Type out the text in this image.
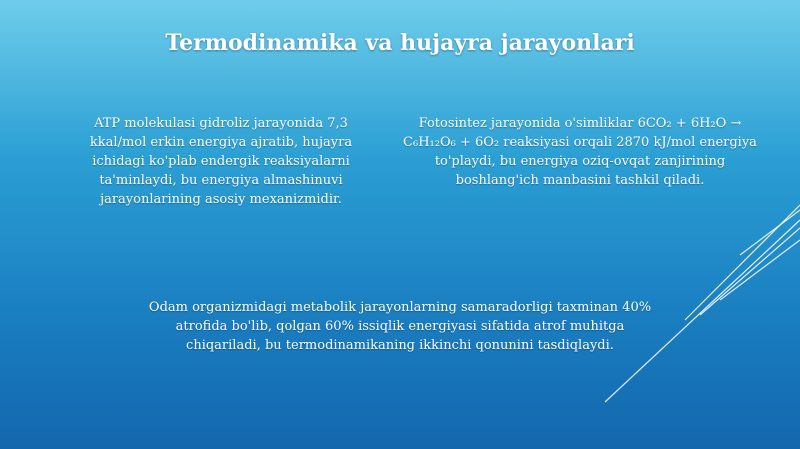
Termodinamika va hujayra jarayonlari
ATP molekulasi gidroliz jarayonida 7,3 kkal/mol erkin energiya ajratib, hujayra ichidagi ko'plab endergik reaksiyalarni ta'minlaydi, bu energiya almashinuvi jarayonlarining asosiy mexanizmidir.
Fotosintez jarayonida o'simliklar 6CO₂ + 6H₂O → C₆H₁₂O₆ + 6O₂ reaksiyasi orqali 2870 kJ/mol energiya to'playdi, bu energiya oziq-ovqat zanjirining boshlang'ich manbasini tashkil qiladi.
Odam organizmidagi metabolik jarayonlarning samaradorligi taxminan 40% atrofida bo'lib, qolgan 60% issiqlik energiyasi sifatida atrof muhitga chiqariladi, bu termodinamikaning ikkinchi qonunini tasdiqlaydi.
